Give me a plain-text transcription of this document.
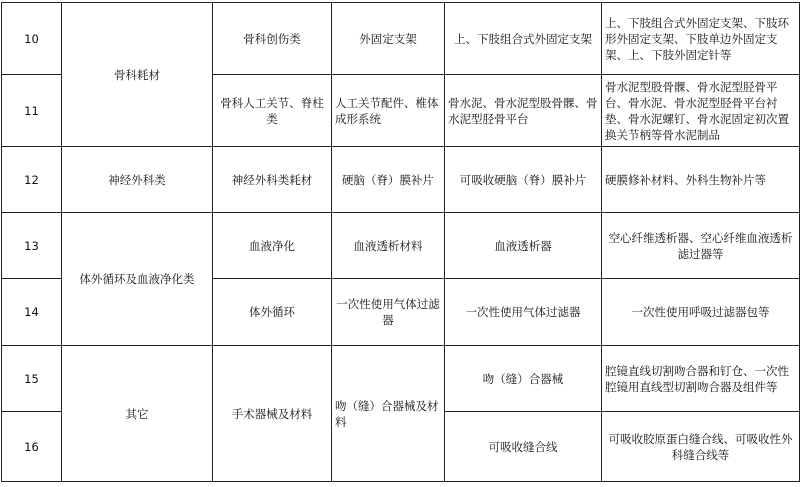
10	骨科耗材	骨科创伤类	外固定支架	上、下肢组合式外固定支架	上、下肢组合式外固定支架、下肢环形外固定支架、下肢单边外固定支架、上、下肢外固定针等
11		骨科人工关节、脊柱类	人工关节配件、椎体成形系统	骨水泥、骨水泥型股骨髁、骨水泥型胫骨平台	骨水泥型股骨髁、骨水泥型胫骨平台、骨水泥、骨水泥型胫骨平台衬垫、骨水泥螺钉、骨水泥固定初次置换关节柄等骨水泥制品
12	神经外科类	神经外科类耗材	硬脑（脊）膜补片	可吸收硬脑（脊）膜补片	硬膜修补材料、外科生物补片等
13	体外循环及血液净化类	血液净化	血液透析材料	血液透析器	空心纤维透析器、空心纤维血液透析滤过器等
14		体外循环	一次性使用气体过滤器	一次性使用气体过滤器	一次性使用呼吸过滤器包等
15	其它	手术器械及材料	吻（缝）合器械及材料	吻（缝）合器械	腔镜直线切割吻合器和钉仓、一次性腔镜用直线型切割吻合器及组件等
16				可吸收缝合线	可吸收胶原蛋白缝合线、可吸收性外科缝合线等
